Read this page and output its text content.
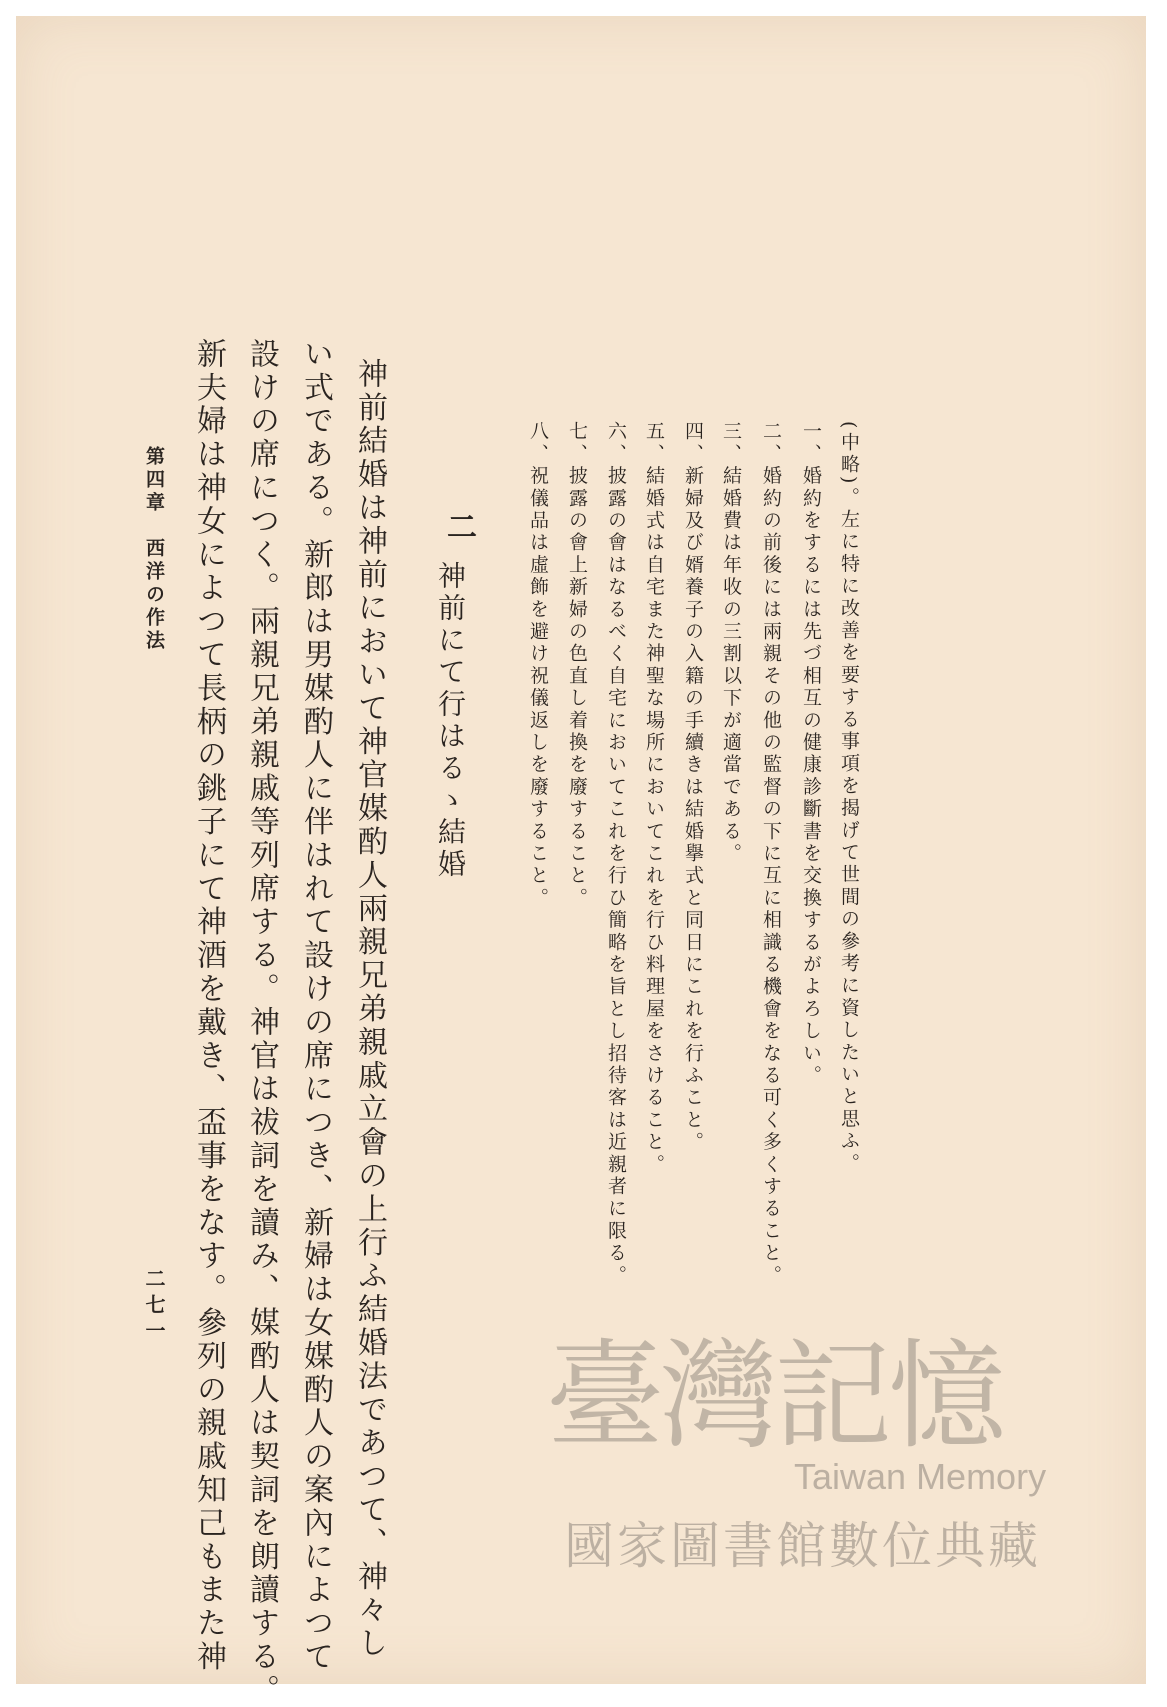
(中略)。左に特に改善を要する事項を揭げて世間の參考に資したいと思ふ。
一、婚約をするには先づ相互の健康診斷書を交換するがよろしい。
二、婚約の前後には兩親その他の監督の下に互に相識る機會をなる可く多くすること。
三、結婚費は年收の三割以下が適當である。
四、新婦及び婿養子の入籍の手續きは結婚擧式と同日にこれを行ふこと。
五、結婚式は自宅また神聖な場所においてこれを行ひ料理屋をさけること。
六、披露の會はなるべく自宅においてこれを行ひ簡略を旨とし招待客は近親者に限る。
七、披露の會上新婦の色直し着換を廢すること。
八、祝儀品は虛飾を避け祝儀返しを廢すること。
二
神前にて行はるゝ結婚
神前結婚は神前において神官媒酌人兩親兄弟親戚立會の上行ふ結婚法であつて、神々し
い式である。新郎は男媒酌人に伴はれて設けの席につき、新婦は女媒酌人の案內によつて
設けの席につく。兩親兄弟親戚等列席する。神官は祓詞を讀み、媒酌人は契詞を朗讀する。
新夫婦は神女によつて長柄の銚子にて神酒を戴き、盃事をなす。參列の親戚知己もまた神
第四章　西洋の作法
二七一
臺灣記憶
Taiwan Memory
國家圖書館數位典藏
